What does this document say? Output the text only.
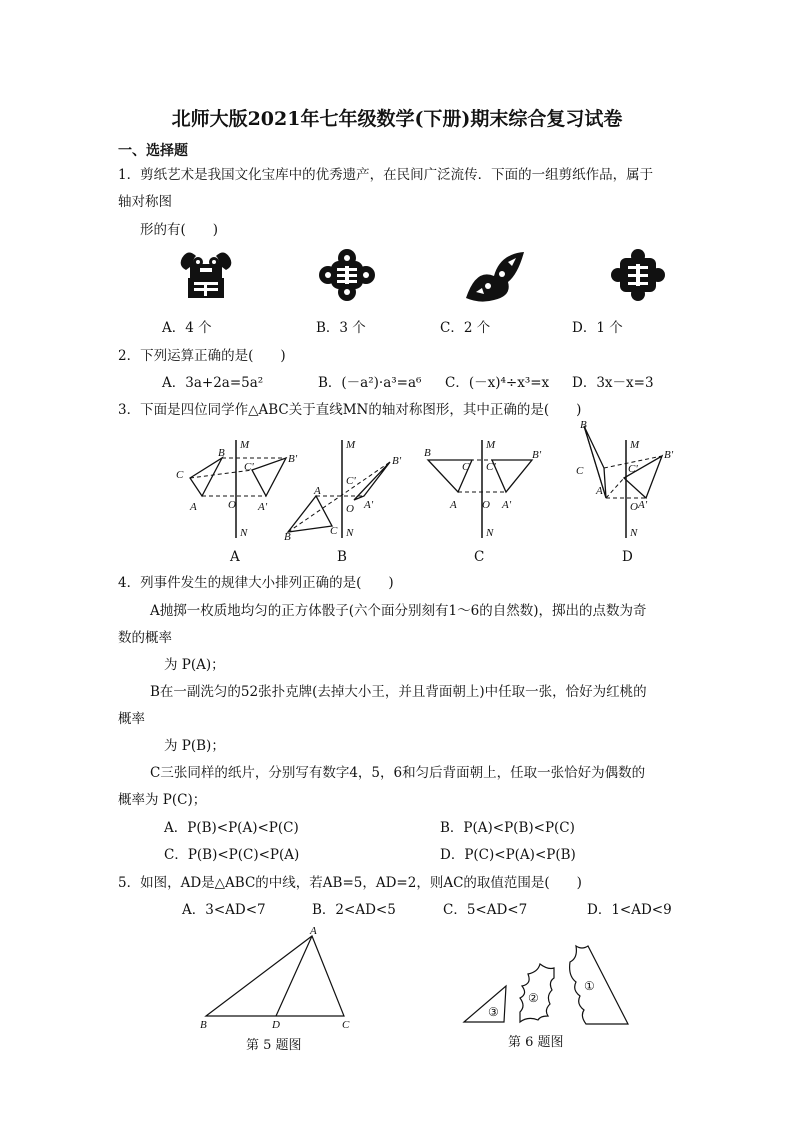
北师大版2021年七年级数学(下册)期末综合复习试卷
一、选择题
1．剪纸艺术是我国文化宝库中的优秀遗产，在民间广泛流传．下面的一组剪纸作品，属于
轴对称图
形的有(　　)
A．4 个	B．3 个	C．2 个	D．1 个
2．下列运算正确的是(　　)
A．3a+2a=5a²	B．(－a²)·a³=a⁶ C．(－x)⁴÷x³=x D．3x－x=3
3．下面是四位同学作△ABC关于直线MN的轴对称图形，其中正确的是(　　)
M
N
O
A
B
C
A'
B'
C'
A
M
N
O
A
B	C
A'
B'
C'
B
M
N
O
A
B
C
A'
B'
C'
C
M
N
O
A
B
C
A'
B'
C'
D
4．列事件发生的规律大小排列正确的是(　　)
A抛掷一枚质地均匀的正方体骰子(六个面分别刻有1～6的自然数)，掷出的点数为奇
数的概率
为 P(A)；
B在一副洗匀的52张扑克牌(去掉大小王，并且背面朝上)中任取一张，恰好为红桃的
概率
为 P(B)；
C三张同样的纸片，分别写有数字4，5，6和匀后背面朝上，任取一张恰好为偶数的
概率为 P(C)；
A．P(B)<P(A)<P(C)	B．P(A)<P(B)<P(C)
C．P(B)<P(C)<P(A)	D．P(C)<P(A)<P(B)
5．如图，AD是△ABC的中线，若AB=5，AD=2，则AC的取值范围是(　　)
A．3<AD<7	B．2<AD<5	C．5<AD<7	D．1<AD<9
A
B	D	C
第 5 题图
③
②
①
第 6 题图
